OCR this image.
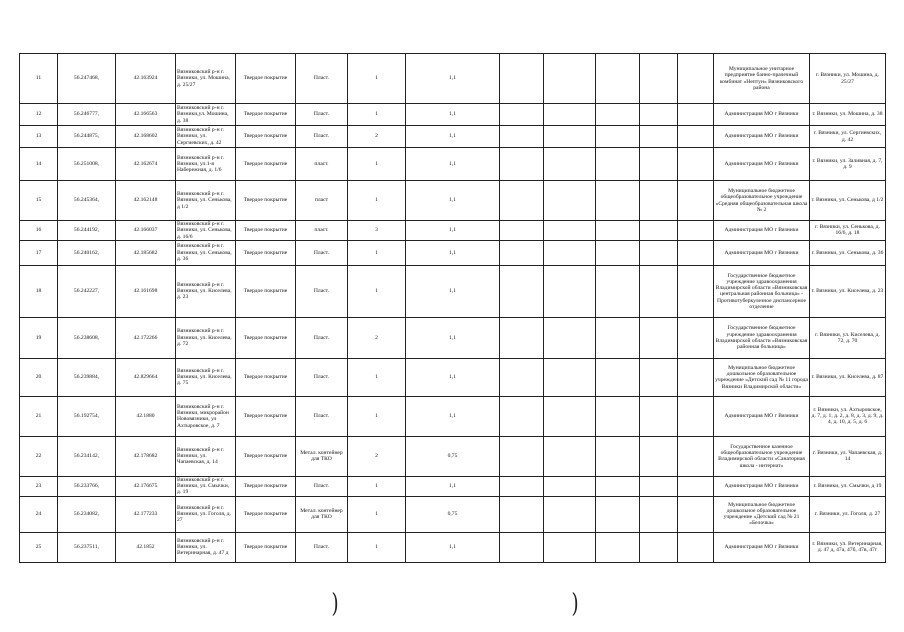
11	56.247468,	42.163924	Вязниковский р-н г. Вязники, ул. Мошина, д. 25/27	Твердое покрытие	Пласт.	1	1,1						Муниципальное унитарное предприятие банно-прачечный комбинат «Нептун» Вязниковского района	г. Вязники, ул. Мошина, д. 25/27
12	56.246777,	42.166563	Вязниковский р-н г. Вязники,ул. Мошина, д. 38	Твердое покрытие	Пласт.	1	1,1						Администрация МО г Вязники	г. Вязники, ул. Мошина, д. 38
13	56.244875,	42.168602	Вязниковский р-н г. Вязники, ул. Сергиевских, д. 42	Твердое покрытие	Пласт.	2	1,1						Администрация МО г Вязники	г. Вязники, ул. Сергиевских, д. 42
14	56.251008,	42.162674	Вязниковский р-н г. Вязники, ул.1-я Набережная, д. 1/6	Твердое покрытие	пласт.	1	1,1						Администрация МО г Вязники	г. Вязники, ул. Заливная, д. 7, д. 9
15	56.245364,	42.162148	Вязниковский р-н г. Вязники, ул. Сенькова, д 1/2	Твердое покрытие	пласт	1	1,1						Муниципальное бюджетное общеобразовательное учреждение «Средняя общеобразовательная школа № 2	г. Вязники, ул. Сенькова, д 1/2
16	56.244192,	42.166037	Вязниковский р-н г. Вязники, ул. Сенькова, д. 16/6	Твердое покрытие	пласт.	3	1,1						Администрация МО г Вязники	г. Вязники, ул. Сенькова, д. 16/6, д. 18
17	56.240162,	42.185682	Вязниковский р-н г. Вязники, ул. Сенькова, д. 36	Твердое покрытие	Пласт.	1	1,1						Администрация МО г Вязники	г. Вязники, ул. Сенькова, д. 36
18	56.242227,	42.161698	Вязниковский р-н г. Вязники, ул. Киселева, д. 23	Твердое покрытие	Пласт.	1	1,1						Государственное бюджетное учреждение здравоохранения Владимирской области «Вязниковская центральная районная больница» - Противотуберкулезное диспансерное отделение	г. Вязники, ул. Киселева, д. 23
19	56.238608,	42.172266	Вязниковский р-н г. Вязники, ул. Киселева, д. 72	Твердое покрытие	Пласт.	2	1,1						Государственное бюджетное учреждение здравоохранения Владимирской области «Вязниковская районная больница»	г. Вязники, ул. Киселева, д. 72, д. 70
20	56.239884,	42.829664	Вязниковский р-н г. Вязники, ул. Киселева, д. 75	Твердое покрытие	Пласт.	1	1,1						Муниципальное бюджетное дошкольное образовательное учреждение «Детский сад № 11 города Вязники Владимирской области»	г. Вязники, ул. Киселева, д. 87
21	56.192754,	42.1880	Вязниковский р-н г. Вязники, микрорайон Нововязники, ул Ахтыровское, д. 7	Твердое покрытие	Пласт.	1	1,1						Администрация МО г Вязники	г. Вязники, ул. Ахтыровское, д. 7, д. 1, д. 2, д. 8, д. 3, д. 9, д. 4, д. 10, д. 5, д. 6
22	56.234142,	42.178682	Вязниковский р-н г. Вязники, ул. Чапаевская, д. 14	Твердое покрытие	Метал. контейнер для ТКО	2	0,75						Государственное казенное общеобразовательное учреждение Владимирской области «Санаторная школа - интернат»	г. Вязники, ул. Чапаевская, д. 14
23	56.233766,	42.176675	Вязниковский р-н г. Вязники, ул. Смычки, д. 19	Твердое покрытие	Пласт.	1	1,1						Администрация МО г Вязники	г. Вязники, ул. Смычки, д 19
24	56.234082,	42.177233	Вязниковский р-н г. Вязники, ул. Гоголя, д. 27	Твердое покрытие	Метал. контейнер для ТКО	1	0,75						Муниципальное бюджетное дошкольное образовательное учреждение «Детский сад № 21 «Белочка»	г. Вязники, ул. Гоголя, д. 27
25	56.237511,	42.1852	Вязниковский р-н г. Вязники, ул. Ветеринарная, д. 47 д	Твердое покрытие	Пласт.	1	1,1						Администрация МО г Вязники	г. Вязники, ул. Ветеринарная, д. 47 д, 47а, 47б, 47в, 47г
)	)
